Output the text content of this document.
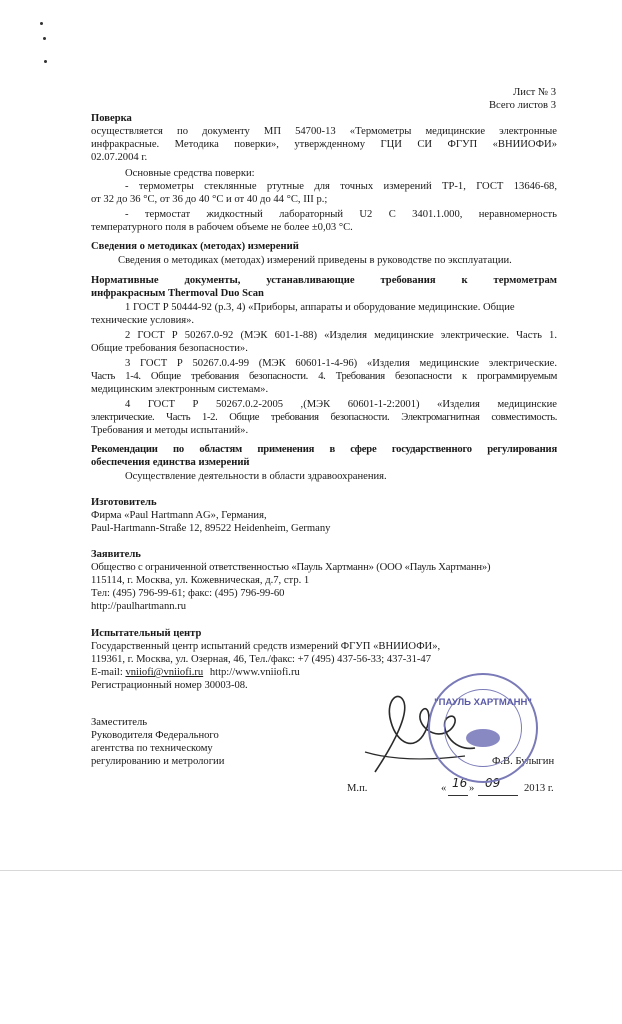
Лист № 3
Всего листов 3
Поверка
осуществляется по документу МП 54700-13 «Термометры медицинские электронные
инфракрасные. Методика поверки», утвержденному ГЦИ СИ ФГУП «ВНИИОФИ»
02.07.2004 г.
Основные средства поверки:
- термометры стеклянные ртутные для точных измерений ТР-1, ГОСТ 13646-68,
от 32 до 36 °С, от 36 до 40 °С и от 40 до 44 °С, III р.;
- термостат жидкостный лабораторный U2 C 3401.1.000, неравномерность
температурного поля в рабочем объеме не более ±0,03 °С.
Сведения о методиках (методах) измерений
Сведения о методиках (методах) измерений приведены в руководстве по эксплуатации.
Нормативные документы, устанавливающие требования к термометрам
инфракрасным Thermoval Duo Scan
1 ГОСТ Р 50444-92 (р.3, 4) «Приборы, аппараты и оборудование медицинские. Общие
технические условия».
2 ГОСТ Р 50267.0-92 (МЭК 601-1-88) «Изделия медицинские электрические. Часть 1.
Общие требования безопасности».
3 ГОСТ Р 50267.0.4-99 (МЭК 60601-1-4-96) «Изделия медицинские электрические.
Часть 1-4. Общие требования безопасности. 4. Требования безопасности к программируемым
медицинским электронным системам».
4 ГОСТ Р 50267.0.2-2005 ,(МЭК 60601-1-2:2001) «Изделия медицинские
электрические. Часть 1-2. Общие требования безопасности. Электромагнитная совместимость.
Требования и методы испытаний».
Рекомендации по областям применения в сфере государственного регулирования
обеспечения единства измерений
Осуществление деятельности в области здравоохранения.
Изготовитель
Фирма «Paul Hartmann AG», Германия,
Paul-Hartmann-Straße 12, 89522 Heidenheim, Germany
Заявитель
Общество с ограниченной ответственностью «Пауль Хартманн» (ООО «Пауль Хартманн»)
115114, г. Москва, ул. Кожевническая, д.7, стр. 1
Тел: (495) 796-99-61; факс: (495) 796-99-60
http://paulhartmann.ru
Испытательный центр
Государственный центр испытаний средств измерений ФГУП «ВНИИОФИ»,
119361, г. Москва, ул. Озерная, 46, Тел./факс: +7 (495) 437-56-33; 437-31-47
E-mail: vniiofi@vniiofi.ru http://www.vniiofi.ru
Регистрационный номер 30003-08.
Заместитель
Руководителя Федерального
агентства по техническому
регулированию и метрологии	Ф.В. Булыгин
М.п.	« 16 » 09 2013 г.
"ПАУЛЬ ХАРТМАНН"
